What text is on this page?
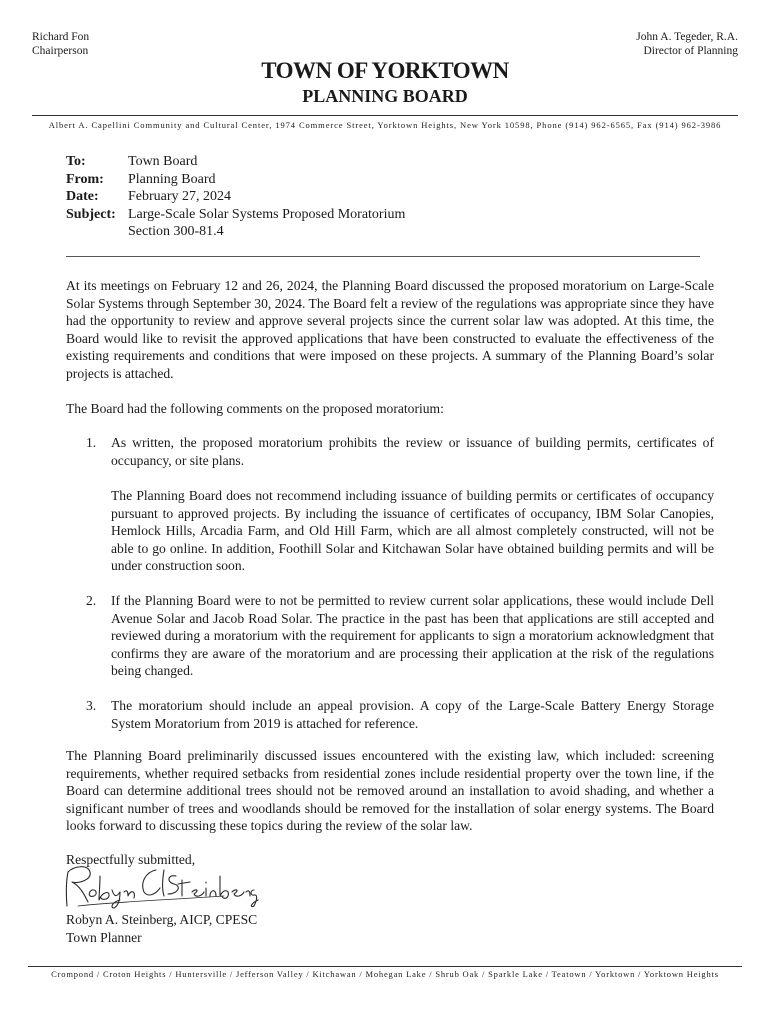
Richard Fon
Chairperson
John A. Tegeder, R.A.
Director of Planning
TOWN OF YORKTOWN
PLANNING BOARD
Albert A. Capellini Community and Cultural Center, 1974 Commerce Street, Yorktown Heights, New York 10598, Phone (914) 962-6565, Fax (914) 962-3986
To:	Town Board
From:	Planning Board
Date:	February 27, 2024
Subject: Large-Scale Solar Systems Proposed Moratorium
Section 300-81.4
At its meetings on February 12 and 26, 2024, the Planning Board discussed the proposed moratorium on Large-Scale Solar Systems through September 30, 2024. The Board felt a review of the regulations was appropriate since they have had the opportunity to review and approve several projects since the current solar law was adopted. At this time, the Board would like to revisit the approved applications that have been constructed to evaluate the effectiveness of the existing requirements and conditions that were imposed on these projects. A summary of the Planning Board’s solar projects is attached.
The Board had the following comments on the proposed moratorium:
1.	As written, the proposed moratorium prohibits the review or issuance of building permits, certificates of occupancy, or site plans.
The Planning Board does not recommend including issuance of building permits or certificates of occupancy pursuant to approved projects. By including the issuance of certificates of occupancy, IBM Solar Canopies, Hemlock Hills, Arcadia Farm, and Old Hill Farm, which are all almost completely constructed, will not be able to go online. In addition, Foothill Solar and Kitchawan Solar have obtained building permits and will be under construction soon.
2.	If the Planning Board were to not be permitted to review current solar applications, these would include Dell Avenue Solar and Jacob Road Solar. The practice in the past has been that applications are still accepted and reviewed during a moratorium with the requirement for applicants to sign a moratorium acknowledgment that confirms they are aware of the moratorium and are processing their application at the risk of the regulations being changed.
3.	The moratorium should include an appeal provision. A copy of the Large-Scale Battery Energy Storage System Moratorium from 2019 is attached for reference.
The Planning Board preliminarily discussed issues encountered with the existing law, which included: screening requirements, whether required setbacks from residential zones include residential property over the town line, if the Board can determine additional trees should not be removed around an installation to avoid shading, and whether a significant number of trees and woodlands should be removed for the installation of solar energy systems. The Board looks forward to discussing these topics during the review of the solar law.
Respectfully submitted,
Robyn A. Steinberg, AICP, CPESC
Town Planner
Crompond / Croton Heights / Huntersville / Jefferson Valley / Kitchawan / Mohegan Lake / Shrub Oak / Sparkle Lake / Teatown / Yorktown / Yorktown Heights
